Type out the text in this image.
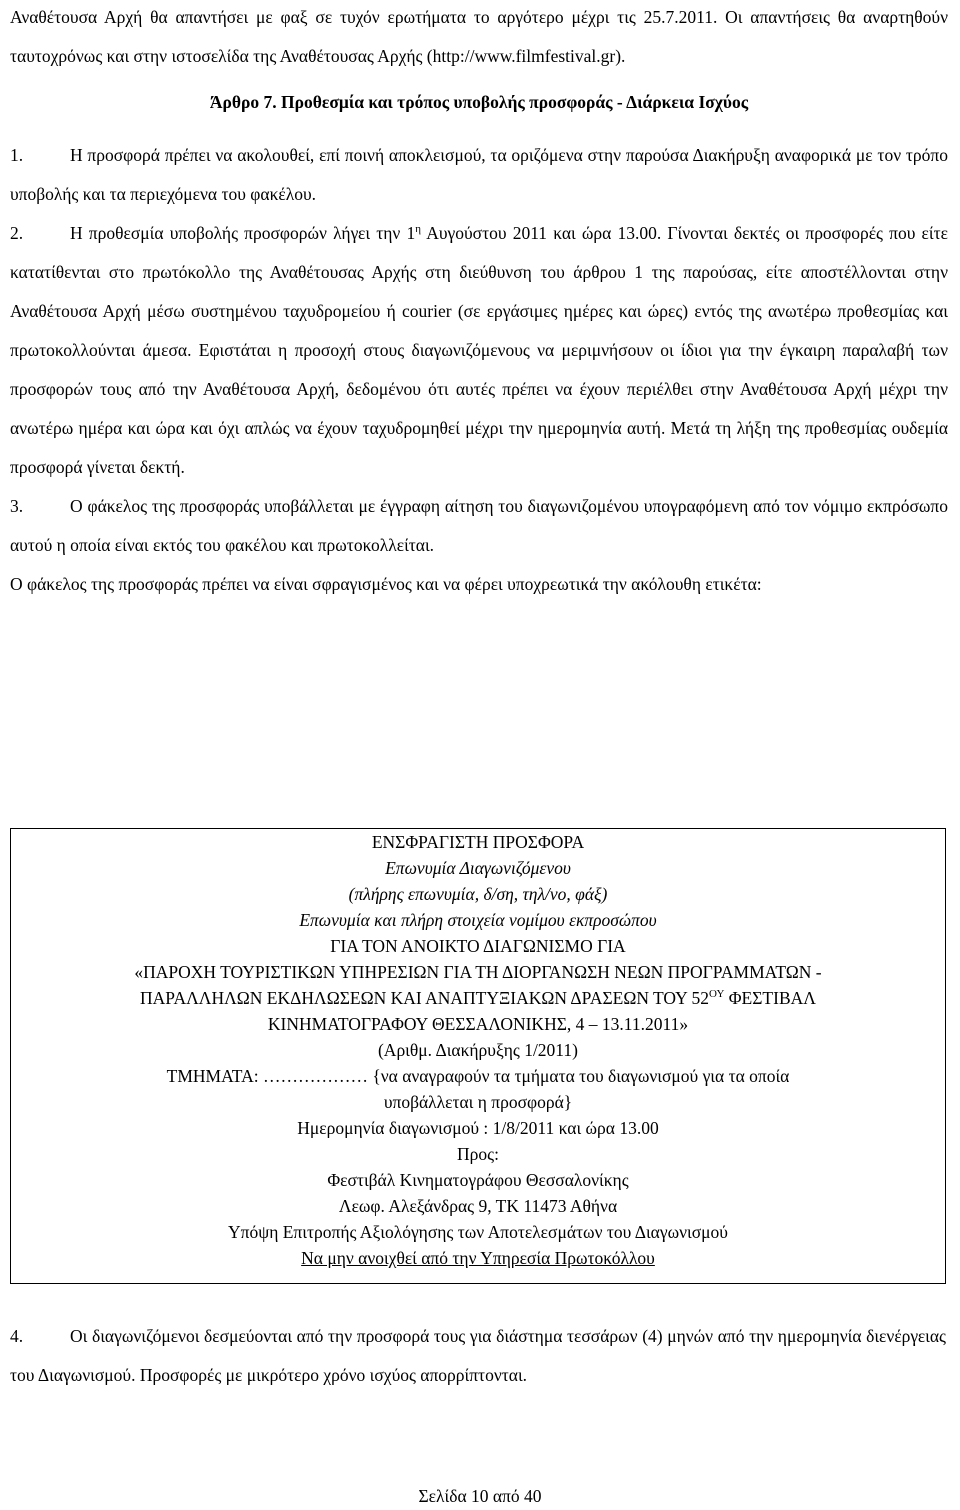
Αναθέτουσα Αρχή θα απαντήσει με φαξ σε τυχόν ερωτήματα το αργότερο μέχρι τις 25.7.2011. Οι απαντήσεις θα αναρτηθούν ταυτοχρόνως και στην ιστοσελίδα της Αναθέτουσας Αρχής (http://www.filmfestival.gr).

Άρθρο 7. Προθεσμία και τρόπος υποβολής προσφοράς - Διάρκεια Ισχύος

1.	Η προσφορά πρέπει να ακολουθεί, επί ποινή αποκλεισμού, τα οριζόμενα στην παρούσα Διακήρυξη αναφορικά με τον τρόπο υποβολής και τα περιεχόμενα του φακέλου.

2.	Η προθεσμία υποβολής προσφορών λήγει την $1^\eta$ Αυγούστου 2011 και ώρα 13.00. Γίνονται δεκτές οι προσφορές που είτε κατατίθενται στο πρωτόκολλο της Αναθέτουσας Αρχής στη διεύθυνση του άρθρου 1 της παρούσας, είτε αποστέλλονται στην Αναθέτουσα Αρχή μέσω συστημένου ταχυδρομείου ή courier (σε εργάσιμες ημέρες και ώρες) εντός της ανωτέρω προθεσμίας και πρωτοκολλούνται άμεσα. Εφιστάται η προσοχή στους διαγωνιζόμενους να μεριμνήσουν οι ίδιοι για την έγκαιρη παραλαβή των προσφορών τους από την Αναθέτουσα Αρχή, δεδομένου ότι αυτές πρέπει να έχουν περιέλθει στην Αναθέτουσα Αρχή μέχρι την ανωτέρω ημέρα και ώρα και όχι απλώς να έχουν ταχυδρομηθεί μέχρι την ημερομηνία αυτή. Μετά τη λήξη της προθεσμίας ουδεμία προσφορά γίνεται δεκτή.

3.	Ο φάκελος της προσφοράς υποβάλλεται με έγγραφη αίτηση του διαγωνιζομένου υπογραφόμενη από τον νόμιμο εκπρόσωπο αυτού η οποία είναι εκτός του φακέλου και πρωτοκολλείται.

Ο φάκελος της προσφοράς πρέπει να είναι σφραγισμένος και να φέρει υποχρεωτικά την ακόλουθη ετικέτα:

ΕΝΣΦΡΑΓΙΣΤΗ ΠΡΟΣΦΟΡΑ
Επωνυμία Διαγωνιζόμενου
(πλήρης επωνυμία, δ/ση, τηλ/νο, φάξ)
Επωνυμία και πλήρη στοιχεία νομίμου εκπροσώπου
ΓΙΑ ΤΟΝ ΑΝΟΙΚΤΟ ΔΙΑΓΩΝΙΣΜΟ ΓΙΑ
«ΠΑΡΟΧΗ ΤΟΥΡΙΣΤΙΚΩΝ ΥΠΗΡΕΣΙΩΝ ΓΙΑ ΤΗ ΔΙΟΡΓΑΝΩΣΗ ΝΕΩΝ ΠΡΟΓΡΑΜΜΑΤΩΝ -
ΠΑΡΑΛΛΗΛΩΝ ΕΚΔΗΛΩΣΕΩΝ ΚΑΙ ΑΝΑΠΤΥΞΙΑΚΩΝ ΔΡΑΣΕΩΝ ΤΟΥ $52^{O\Upsilon}$ ΦΕΣΤΙΒΑΛ
ΚΙΝΗΜΑΤΟΓΡΑΦΟΥ ΘΕΣΣΑΛΟΝΙΚΗΣ, 4 – 13.11.2011»
(Αριθμ. Διακήρυξης 1/2011)
ΤΜΗΜΑΤΑ: ……………… {να αναγραφούν τα τμήματα του διαγωνισμού για τα οποία
υποβάλλεται η προσφορά}
Ημερομηνία διαγωνισμού : 1/8/2011 και ώρα 13.00
Προς:
Φεστιβάλ Κινηματογράφου Θεσσαλονίκης
Λεωφ. Αλεξάνδρας 9, ΤΚ 11473 Αθήνα
Υπόψη Επιτροπής Αξιολόγησης των Αποτελεσμάτων του Διαγωνισμού
Να μην ανοιχθεί από την Υπηρεσία Πρωτοκόλλου

4.	Οι διαγωνιζόμενοι δεσμεύονται από την προσφορά τους για διάστημα τεσσάρων (4) μηνών από την ημερομηνία διενέργειας του Διαγωνισμού. Προσφορές με μικρότερο χρόνο ισχύος απορρίπτονται.

Σελίδα 10 από 40
